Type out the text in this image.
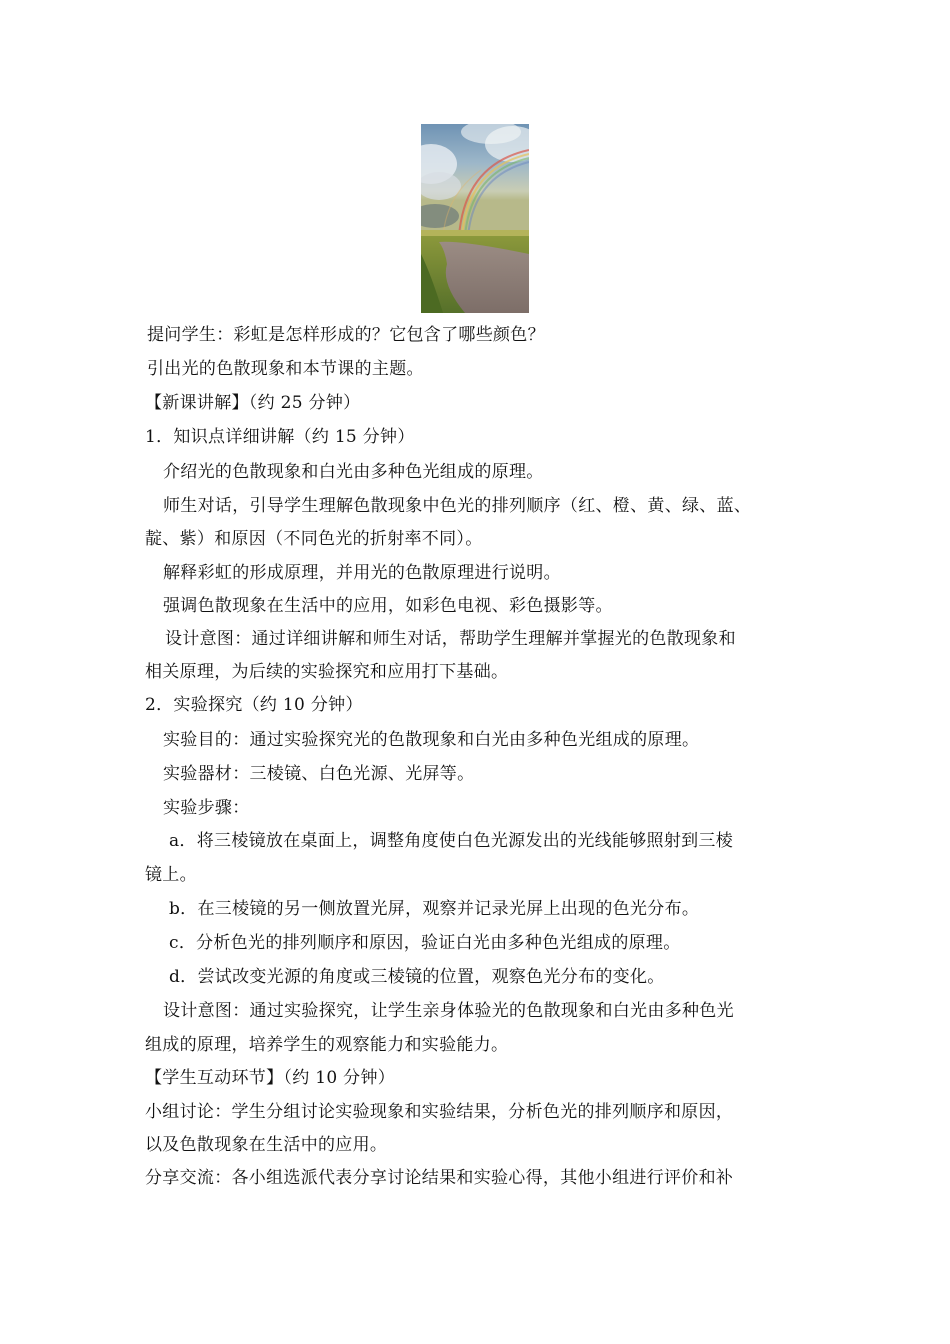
提问学生：彩虹是怎样形成的？它包含了哪些颜色？
引出光的色散现象和本节课的主题。
【新课讲解】（约 25 分钟）
1．知识点详细讲解（约 15 分钟）
介绍光的色散现象和白光由多种色光组成的原理。
师生对话，引导学生理解色散现象中色光的排列顺序（红、橙、黄、绿、蓝、
靛、紫）和原因（不同色光的折射率不同）。
解释彩虹的形成原理，并用光的色散原理进行说明。
强调色散现象在生活中的应用，如彩色电视、彩色摄影等。
设计意图：通过详细讲解和师生对话，帮助学生理解并掌握光的色散现象和
相关原理，为后续的实验探究和应用打下基础。
2．实验探究（约 10 分钟）
实验目的：通过实验探究光的色散现象和白光由多种色光组成的原理。
实验器材：三棱镜、白色光源、光屏等。
实验步骤：
a．将三棱镜放在桌面上，调整角度使白色光源发出的光线能够照射到三棱
镜上。
b．在三棱镜的另一侧放置光屏，观察并记录光屏上出现的色光分布。
c．分析色光的排列顺序和原因，验证白光由多种色光组成的原理。
d．尝试改变光源的角度或三棱镜的位置，观察色光分布的变化。
设计意图：通过实验探究，让学生亲身体验光的色散现象和白光由多种色光
组成的原理，培养学生的观察能力和实验能力。
【学生互动环节】（约 10 分钟）
小组讨论：学生分组讨论实验现象和实验结果，分析色光的排列顺序和原因，
以及色散现象在生活中的应用。
分享交流：各小组选派代表分享讨论结果和实验心得，其他小组进行评价和补
